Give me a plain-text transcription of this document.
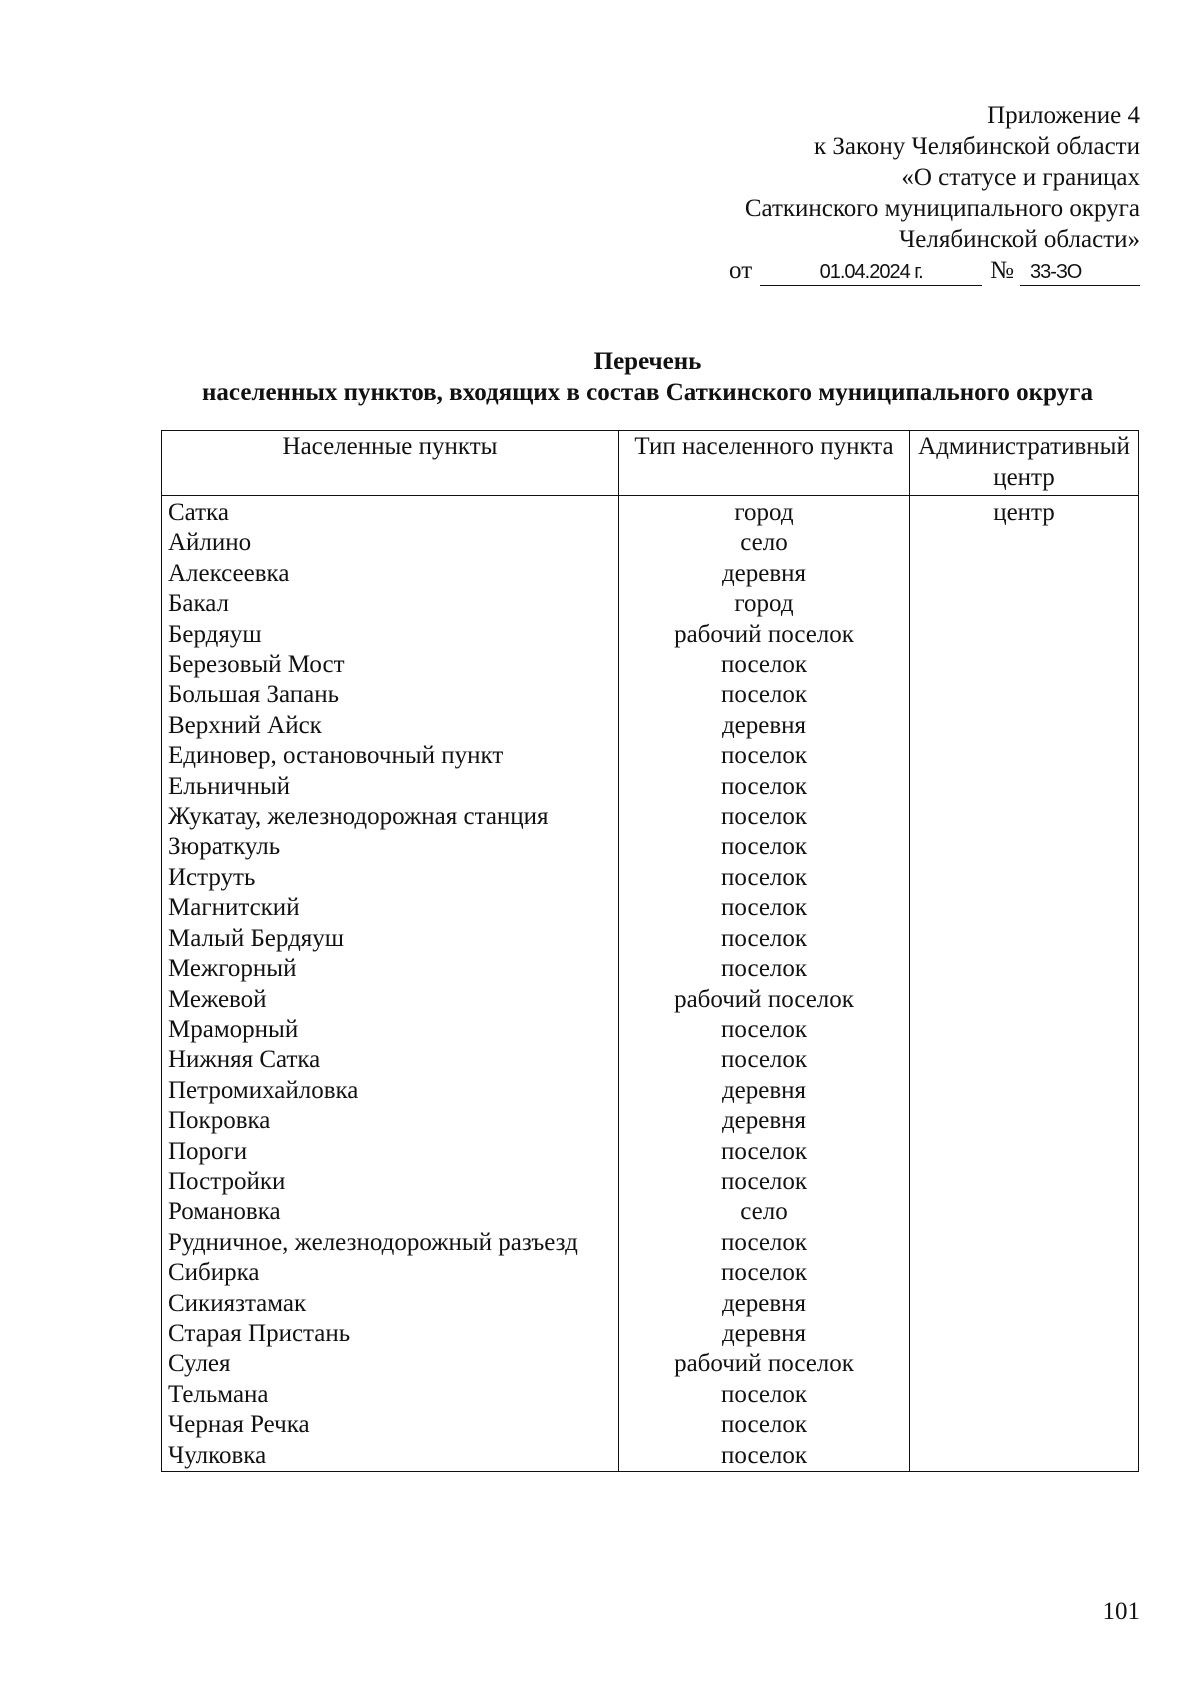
Приложение 4
к Закону Челябинской области
«О статусе и границах
Саткинского муниципального округа
Челябинской области»
от	01.04.2024 г.	№ 33-ЗО
Перечень
населенных пунктов, входящих в состав Саткинского муниципального округа
Населенные пункты	Тип населенного пункта	Административный центр
Сатка	город	центр
Айлино	село	
Алексеевка	деревня	
Бакал	город	
Бердяуш	рабочий поселок	
Березовый Мост	поселок	
Большая Запань	поселок	
Верхний Айск	деревня	
Единовер, остановочный пункт	поселок	
Ельничный	поселок	
Жукатау, железнодорожная станция	поселок	
Зюраткуль	поселок	
Иструть	поселок	
Магнитский	поселок	
Малый Бердяуш	поселок	
Межгорный	поселок	
Межевой	рабочий поселок	
Мраморный	поселок	
Нижняя Сатка	поселок	
Петромихайловка	деревня	
Покровка	деревня	
Пороги	поселок	
Постройки	поселок	
Романовка	село	
Рудничное, железнодорожный разъезд	поселок	
Сибирка	поселок	
Сикиязтамак	деревня	
Старая Пристань	деревня	
Сулея	рабочий поселок	
Тельмана	поселок	
Черная Речка	поселок	
Чулковка	поселок	
101
